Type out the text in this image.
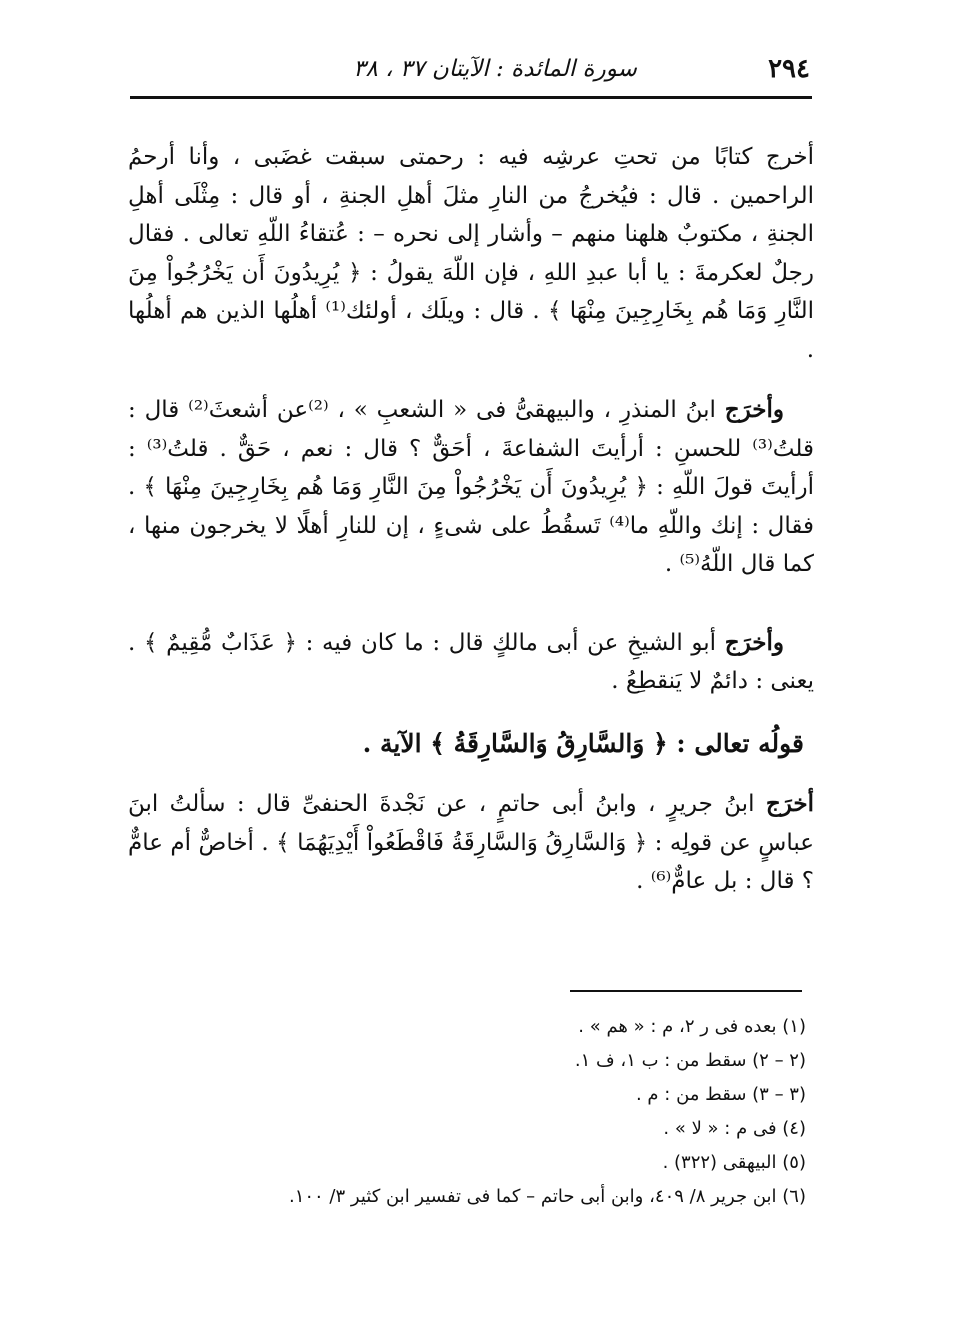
٢٩٤
سورة المائدة : الآيتان ٣٧ ، ٣٨

أخرج كتابًا من تحتِ عرشِه فيه : رحمتى سبقت غضَبى ، وأنا أرحمُ الراحمين . قال : فيُخرجُ من النارِ مثلَ أهلِ الجنةِ ، أو قال : مِثْلَى أهلِ الجنةِ ، مكتوبٌ هلهنا منهم – وأشار إلى نحره – : عُتقاءُ اللّهِ تعالى . فقال رجلٌ لعكرمةَ : يا أبا عبدِ اللهِ ، فإن اللّهَ يقولُ : ﴿ يُرِيدُونَ أَن يَخْرُجُواْ مِنَ النَّارِ وَمَا هُم بِخَارِجِينَ مِنْهَا ﴾ . قال : ويلَك ، أولئك⁽¹⁾ أهلُها الذين هم أهلُها .

وأخرَج ابنُ المنذرِ ، والبيهقىُّ فى « الشعبِ » ، ⁽²⁾عن أشعثَ⁽²⁾ قال : قلتُ⁽³⁾ للحسنِ : أرأيتَ الشفاعةَ ، أحَقٌّ ؟ قال : نعم ، حَقٌّ . قلتُ⁽³⁾ : أرأيتَ قولَ اللّهِ : ﴿ يُرِيدُونَ أَن يَخْرُجُواْ مِنَ النَّارِ وَمَا هُم بِخَارِجِينَ مِنْهَا ﴾ . فقال : إنك واللّهِ ما⁽⁴⁾ تَسقُطُ على شىءٍ ، إن للنارِ أهلًا لا يخرجون منها ، كما قال اللّهُ⁽⁵⁾ .

وأخرَج أبو الشيخِ عن أبى مالكٍ قال : ما كان فيه : ﴿ عَذَابٌ مُّقِيمٌ ﴾ . يعنى : دائمٌ لا يَنقطِعُ .

قولُه تعالى : ﴿ وَالسَّارِقُ وَالسَّارِقَةُ ﴾ الآية .

أخرَج ابنُ جريرٍ ، وابنُ أبى حاتمٍ ، عن نَجْدةَ الحنفىِّ قال : سألتُ ابنَ عباسٍ عن قولِه : ﴿ وَالسَّارِقُ وَالسَّارِقَةُ فَاقْطَعُواْ أَيْدِيَهُمَا ﴾ . أخاصٌّ أم عامٌّ ؟ قال : بل عامٌّ⁽⁶⁾ .

(١) بعده فى ر ٢، م : « هم » .
(٢ – ٢) سقط من : ب ١، ف ١.
(٣ – ٣) سقط من : م .
(٤) فى م : « لا » .
(٥) البيهقى (٣٢٢) .
(٦) ابن جرير ٨/ ٤٠٩، وابن أبى حاتم – كما فى تفسير ابن كثير ٣/ ١٠٠.
